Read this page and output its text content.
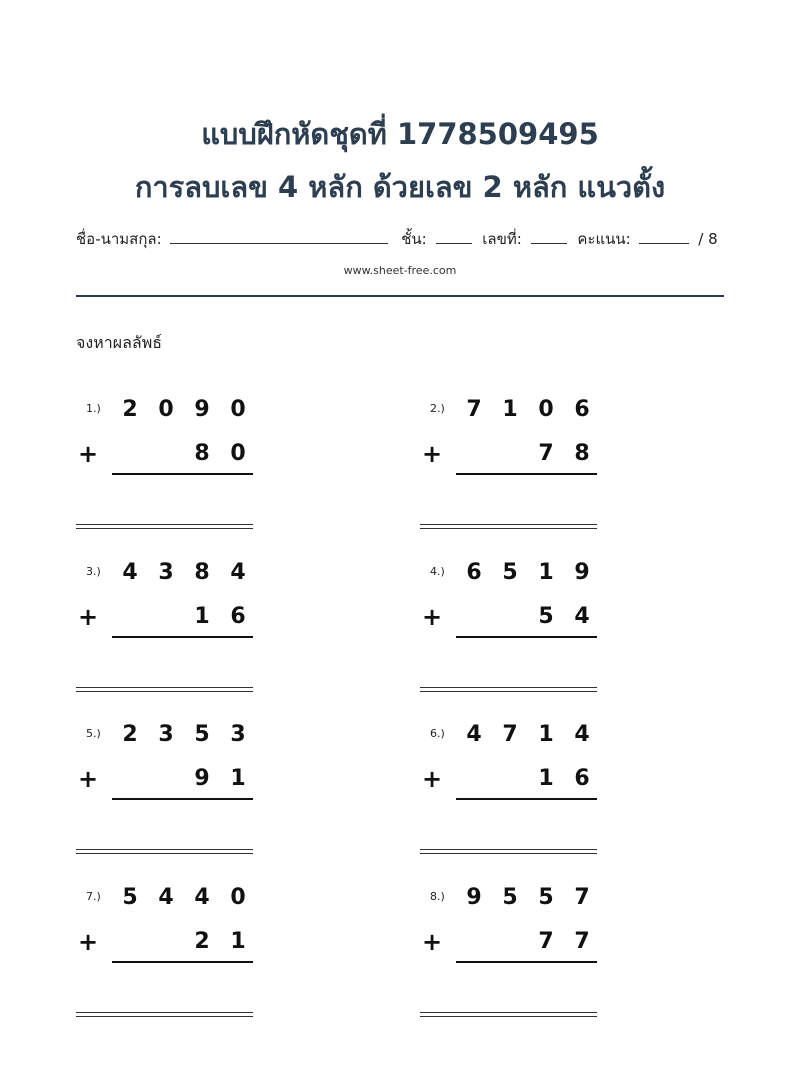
แบบฝึกหัดชุดที่ 1778509495
การลบเลข 4 หลัก ด้วยเลข 2 หลัก แนวตั้ง
ชื่อ-นามสกุล:	ชั้น:	เลขที่:	คะแนน:	/ 8
www.sheet-free.com
จงหาผลลัพธ์
1.) 2 0 9 0
+	8 0
2.) 7 1 0 6
+	7 8
3.) 4 3 8 4
+	1 6
4.) 6 5 1 9
+	5 4
5.) 2 3 5 3
+	9 1
6.) 4 7 1 4
+	1 6
7.) 5 4 4 0
+	2 1
8.) 9 5 5 7
+	7 7
